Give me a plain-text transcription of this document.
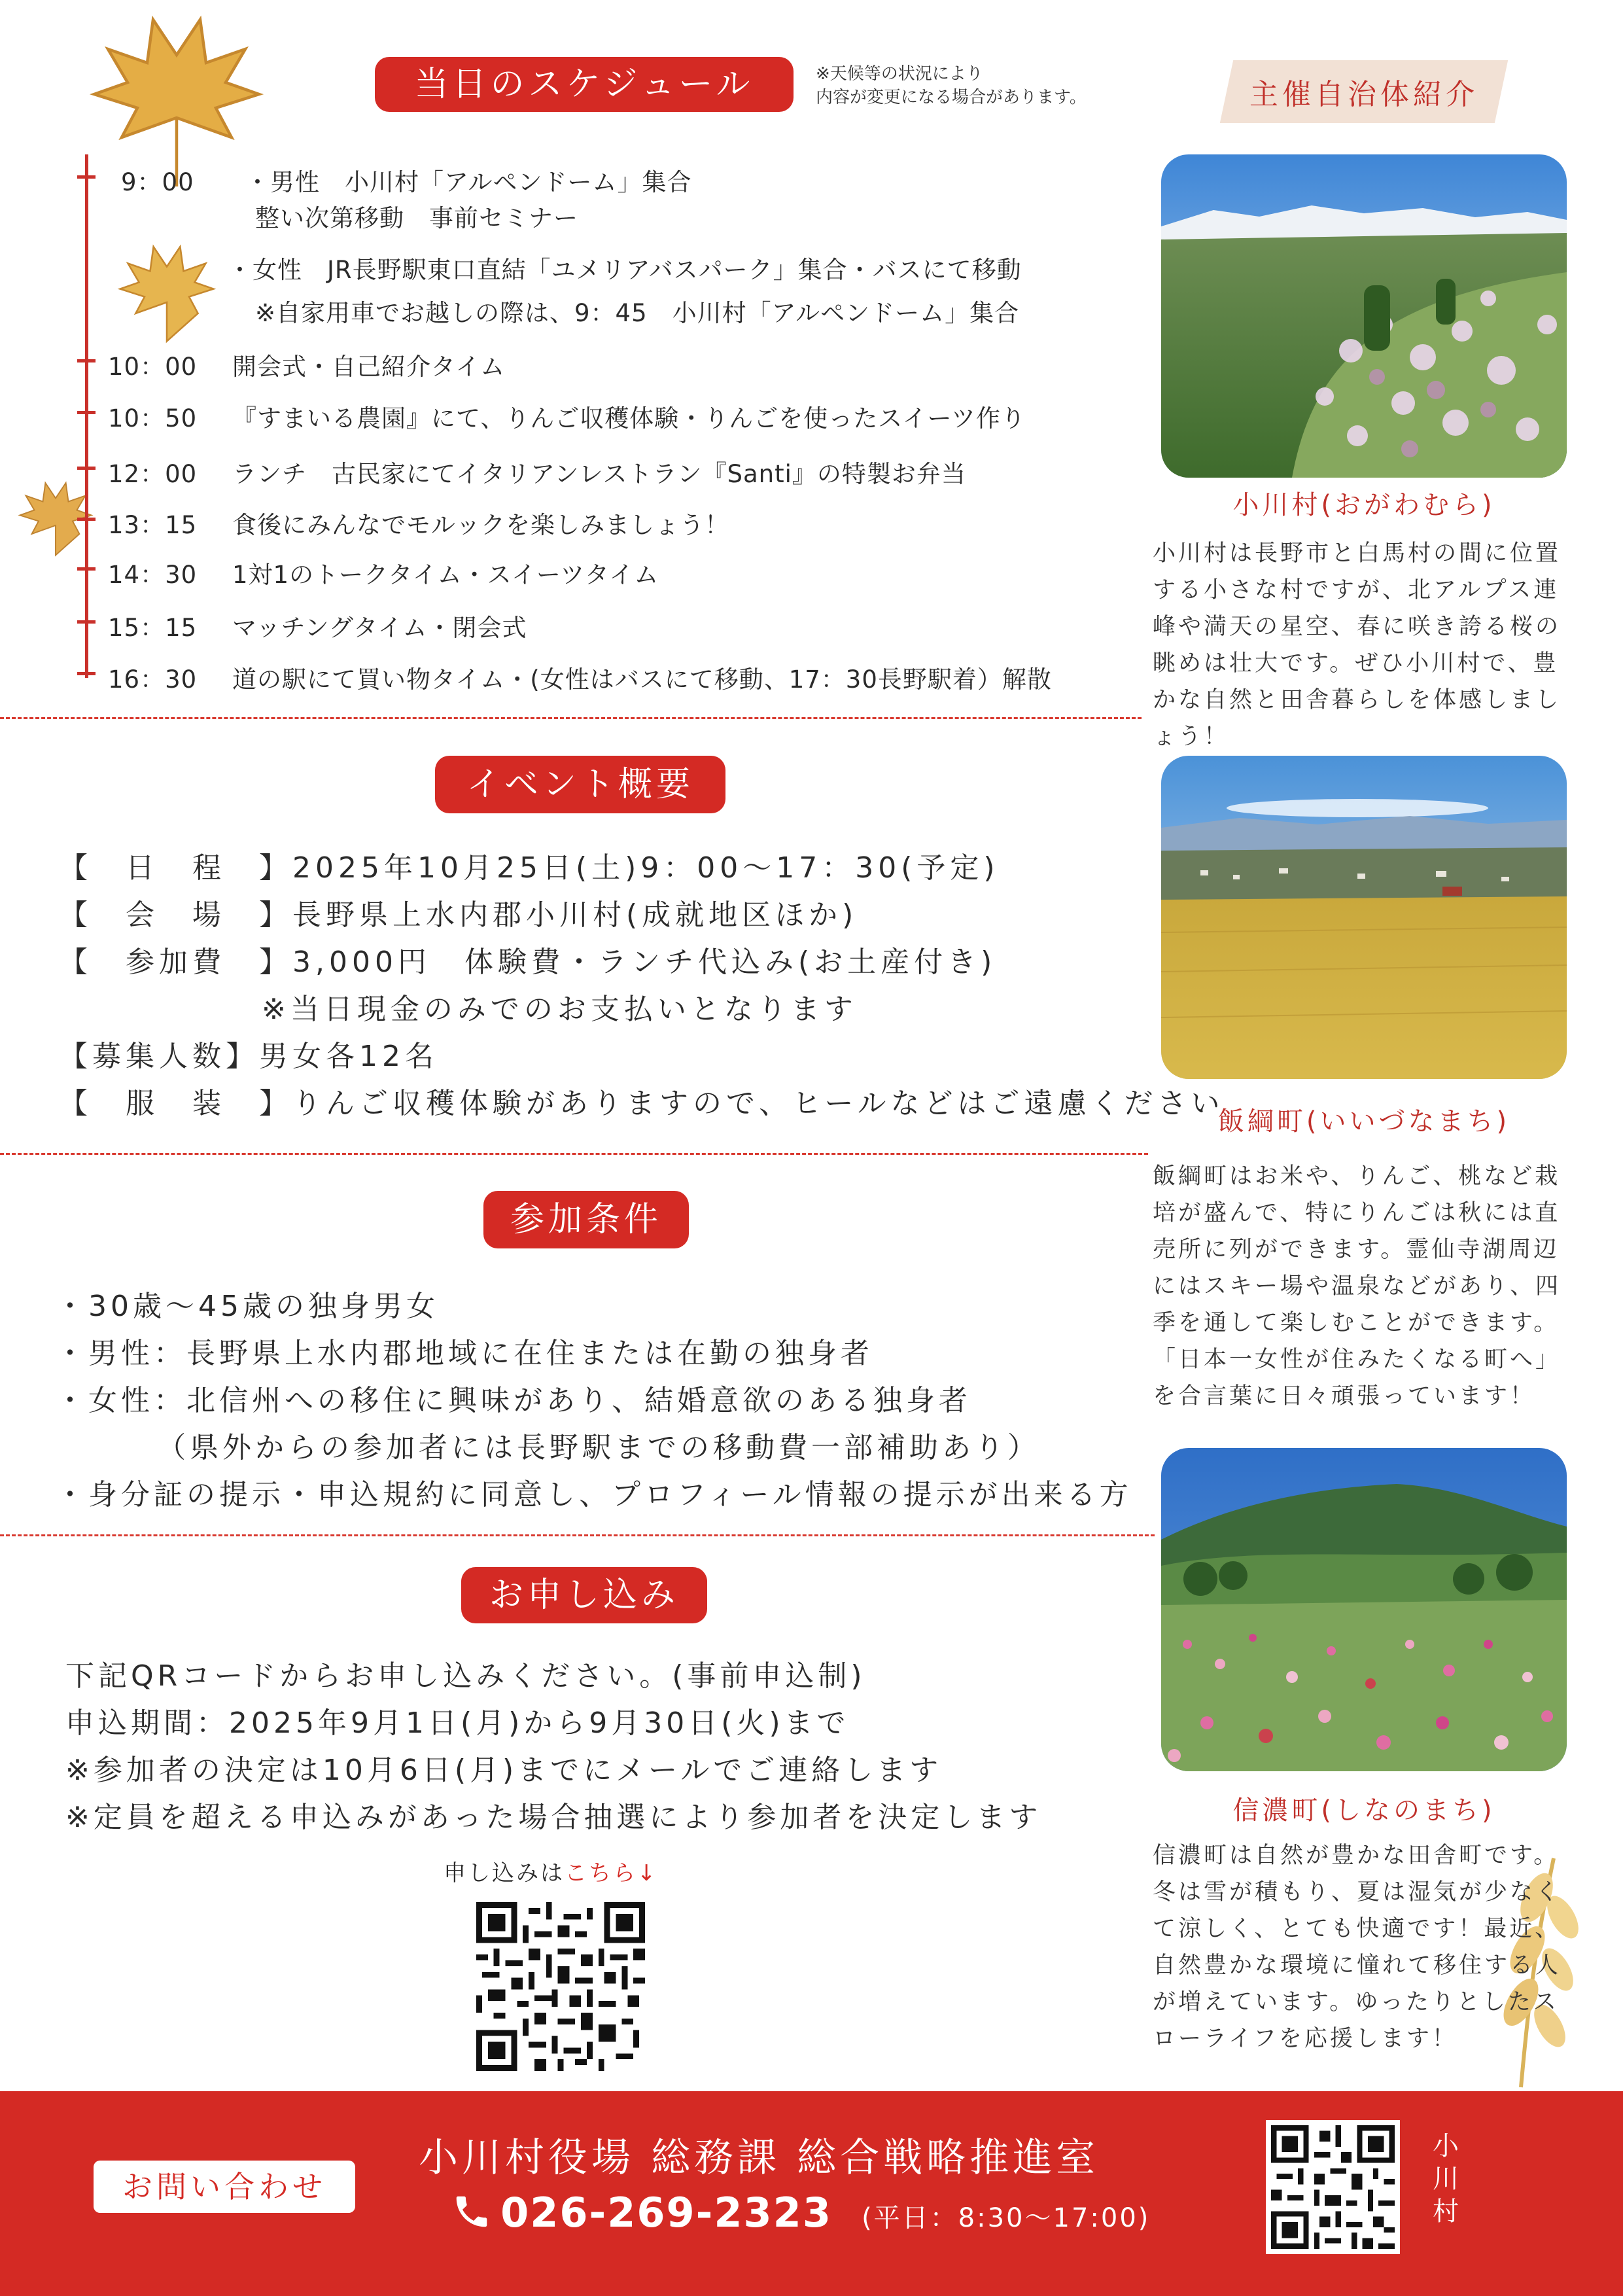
当日のスケジュール	※天候等の状況により
内容が変更になる場合があります。
9：00 ・男性　小川村「アルペンドーム」集合
整い次第移動　事前セミナー
・女性　JR長野駅東口直結「ユメリアバスパーク」集合・バスにて移動
※自家用車でお越しの際は、9：45　小川村「アルペンドーム」集合
10：00 開会式・自己紹介タイム
10：50 『すまいる農園』にて、りんご収穫体験・りんごを使ったスイーツ作り
12：00 ランチ　古民家にてイタリアンレストラン『Santi』の特製お弁当
13：15 食後にみんなでモルックを楽しみましょう！
14：30 1対1のトークタイム・スイーツタイム
15：15 マッチングタイム・閉会式
16：30 道の駅にて買い物タイム・(女性はバスにて移動、17：30長野駅着）解散
イベント概要
【　日　程　】2025年10月25日(土)9：00～17：30(予定)
【　会　場　】長野県上水内郡小川村(成就地区ほか)
【　参加費　】3,000円　体験費・ランチ代込み(お土産付き)
※当日現金のみでのお支払いとなります
【募集人数】男女各12名
【　服　装　】りんご収穫体験がありますので、ヒールなどはご遠慮ください
参加条件
・30歳～45歳の独身男女
・男性：長野県上水内郡地域に在住または在勤の独身者
・女性：北信州への移住に興味があり、結婚意欲のある独身者
（県外からの参加者には長野駅までの移動費一部補助あり）
・身分証の提示・申込規約に同意し、プロフィール情報の提示が出来る方
お申し込み
下記QRコードからお申し込みください。(事前申込制)
申込期間：2025年9月1日(月)から9月30日(火)まで
※参加者の決定は10月6日(月)までにメールでご連絡します
※定員を超える申込みがあった場合抽選により参加者を決定します
申し込みはこちら↓
主催自治体紹介
小川村(おがわむら)
小川村は長野市と白馬村の間に位置する小さな村ですが、北アルプス連峰や満天の星空、春に咲き誇る桜の眺めは壮大です。ぜひ小川村で、豊かな自然と田舎暮らしを体感しましょう！
飯綱町(いいづなまち)
飯綱町はお米や、りんご、桃など栽培が盛んで、特にりんごは秋には直売所に列ができます。霊仙寺湖周辺にはスキー場や温泉などがあり、四季を通して楽しむことができます。「日本一女性が住みたくなる町へ」を合言葉に日々頑張っています！
信濃町(しなのまち)
信濃町は自然が豊かな田舎町です。冬は雪が積もり、夏は湿気が少なくて涼しく、とても快適です！最近、自然豊かな環境に憧れて移住する人が増えています。ゆったりとしたスローライフを応援します！
お問い合わせ
小川村役場 総務課 総合戦略推進室
026-269-2323 (平日：8:30～17:00)
小川村
